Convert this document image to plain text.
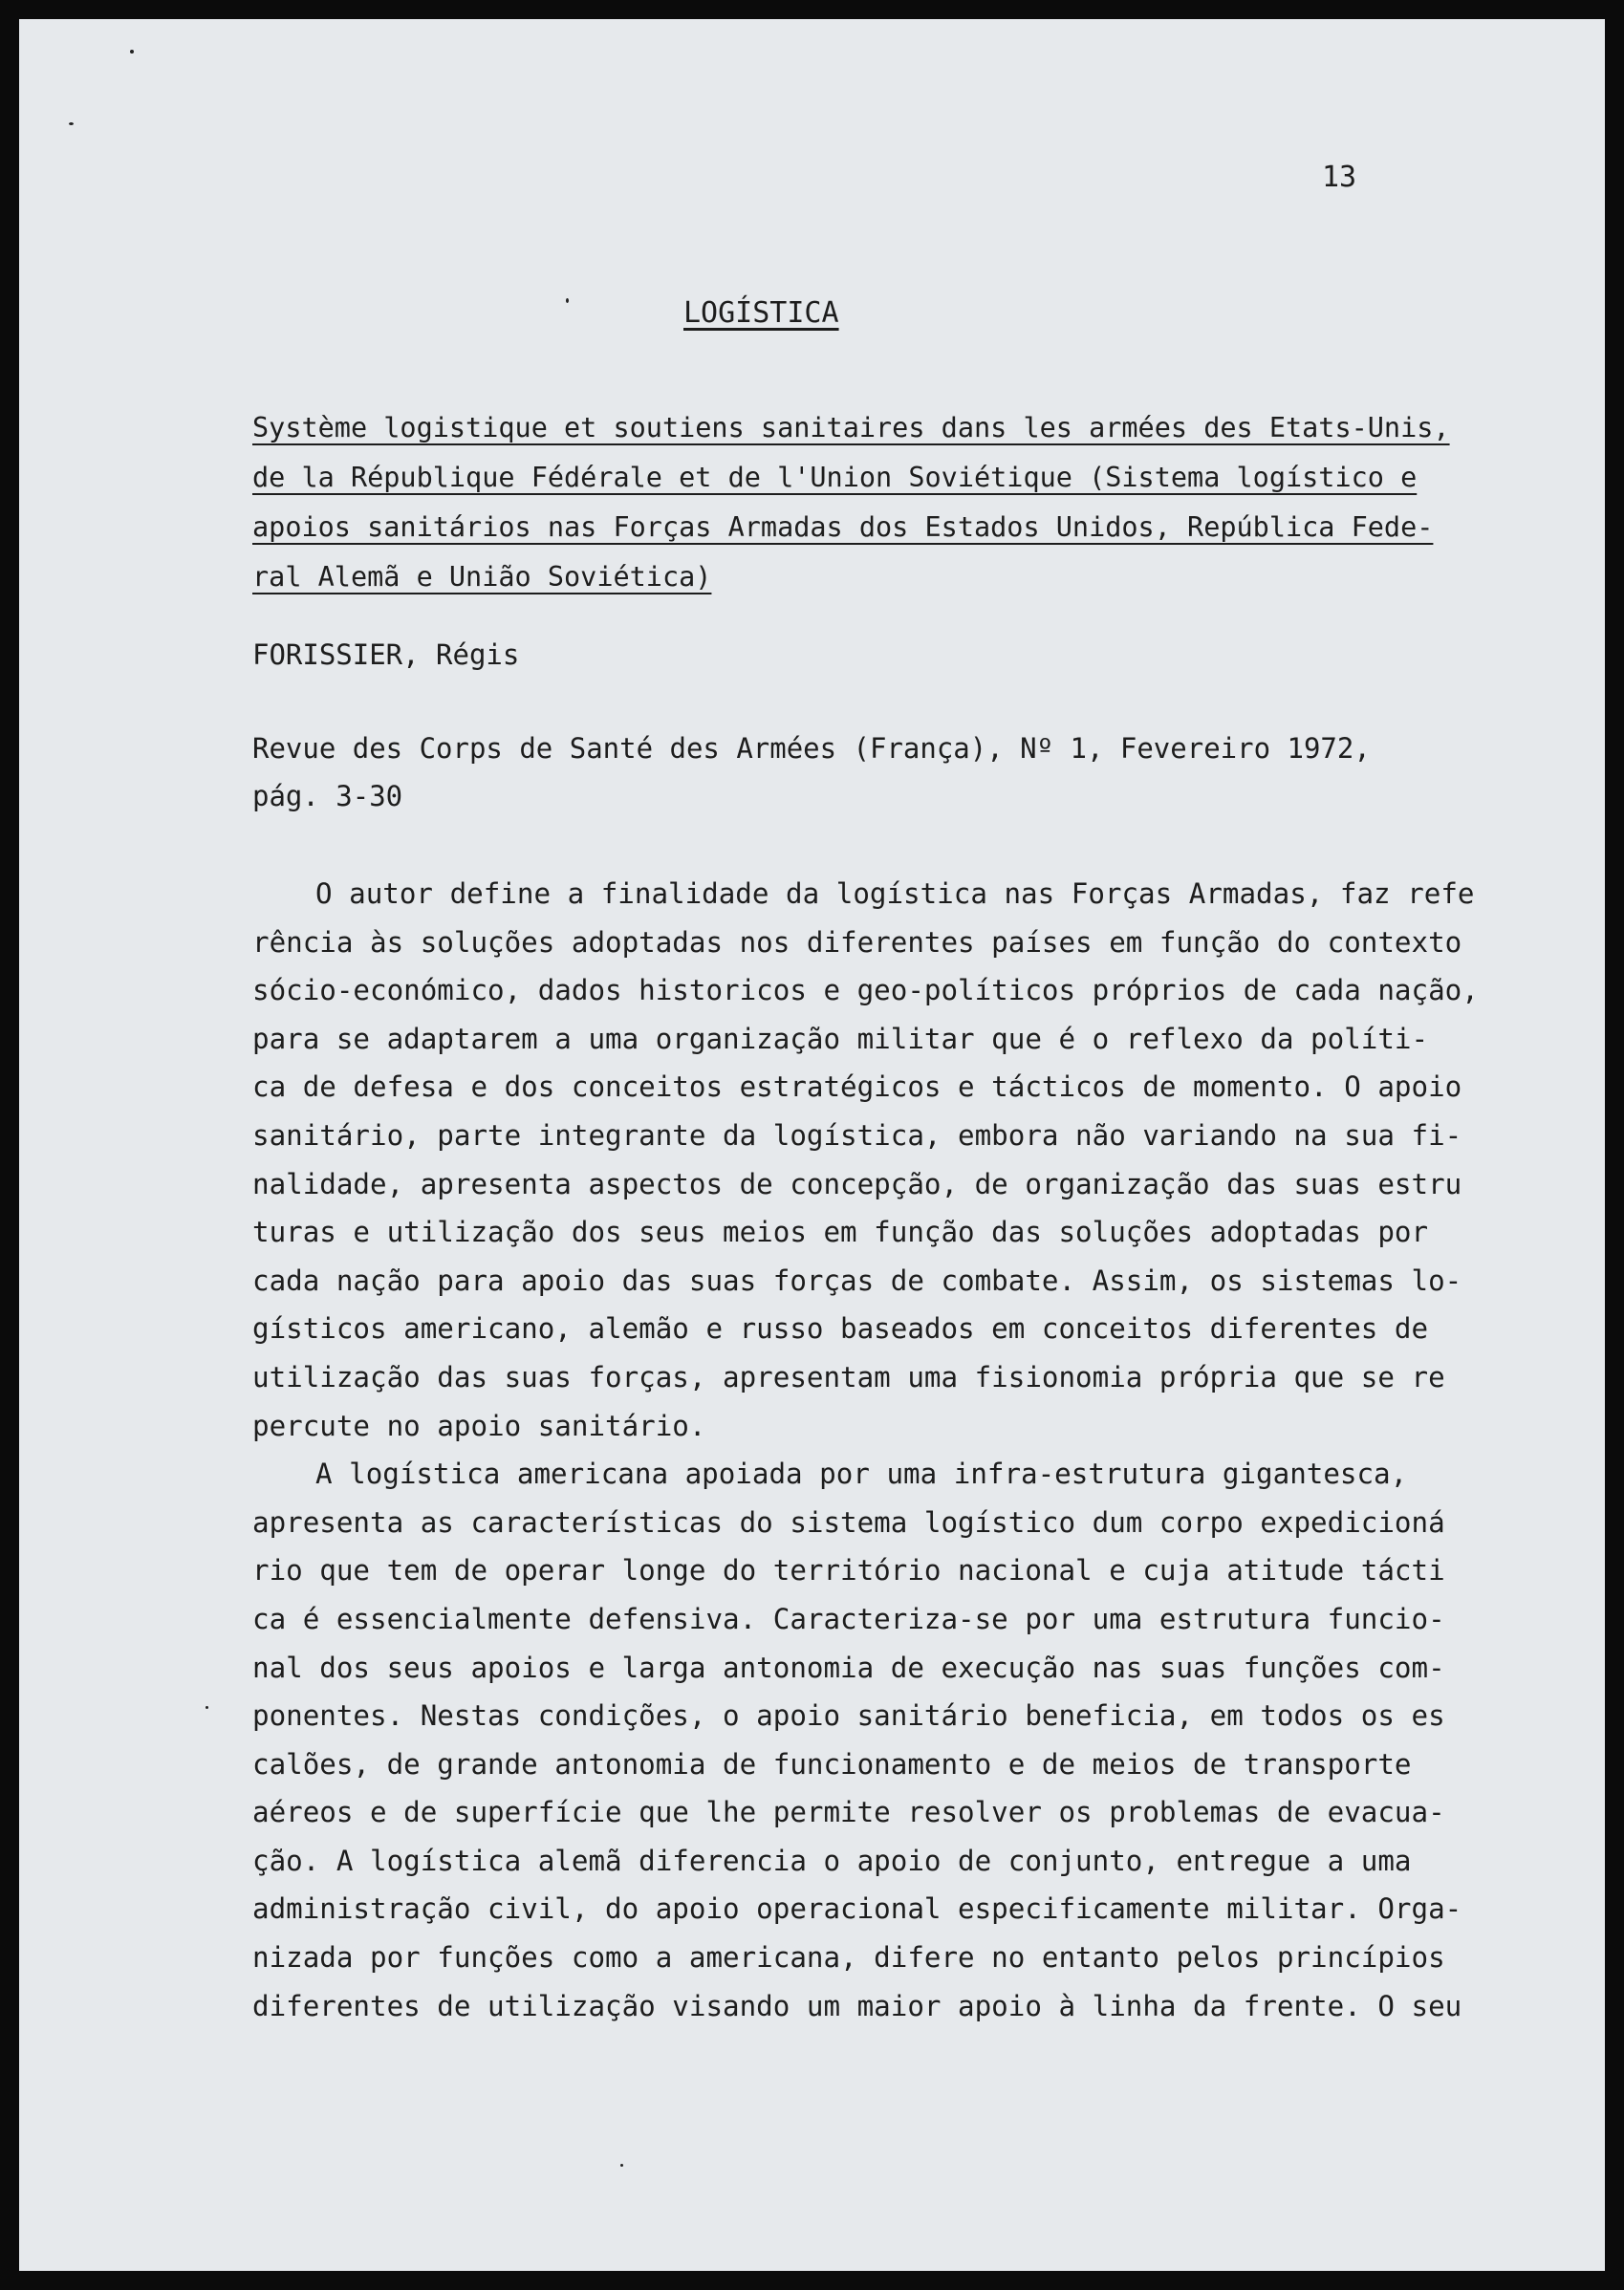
13
LOGÍSTICA
Système logistique et soutiens sanitaires dans les armées des Etats-Unis,
de la République Fédérale et de l'Union Soviétique (Sistema logístico e
apoios sanitários nas Forças Armadas dos Estados Unidos, República Fede-
ral Alemã e União Soviética)
FORISSIER, Régis
Revue des Corps de Santé des Armées (França), Nº 1, Fevereiro 1972,
pág. 3-30
O autor define a finalidade da logística nas Forças Armadas, faz refe
rência às soluções adoptadas nos diferentes países em função do contexto
sócio-económico, dados historicos e geo-políticos próprios de cada nação,
para se adaptarem a uma organização militar que é o reflexo da políti-
ca de defesa e dos conceitos estratégicos e tácticos de momento. O apoio
sanitário, parte integrante da logística, embora não variando na sua fi-
nalidade, apresenta aspectos de concepção, de organização das suas estru
turas e utilização dos seus meios em função das soluções adoptadas por
cada nação para apoio das suas forças de combate. Assim, os sistemas lo-
gísticos americano, alemão e russo baseados em conceitos diferentes de
utilização das suas forças, apresentam uma fisionomia própria que se re
percute no apoio sanitário.
A logística americana apoiada por uma infra-estrutura gigantesca,
apresenta as características do sistema logístico dum corpo expedicioná
rio que tem de operar longe do território nacional e cuja atitude tácti
ca é essencialmente defensiva. Caracteriza-se por uma estrutura funcio-
nal dos seus apoios e larga antonomia de execução nas suas funções com-
ponentes. Nestas condições, o apoio sanitário beneficia, em todos os es
calões, de grande antonomia de funcionamento e de meios de transporte
aéreos e de superfície que lhe permite resolver os problemas de evacua-
ção. A logística alemã diferencia o apoio de conjunto, entregue a uma
administração civil, do apoio operacional especificamente militar. Orga-
nizada por funções como a americana, difere no entanto pelos princípios
diferentes de utilização visando um maior apoio à linha da frente. O seu
